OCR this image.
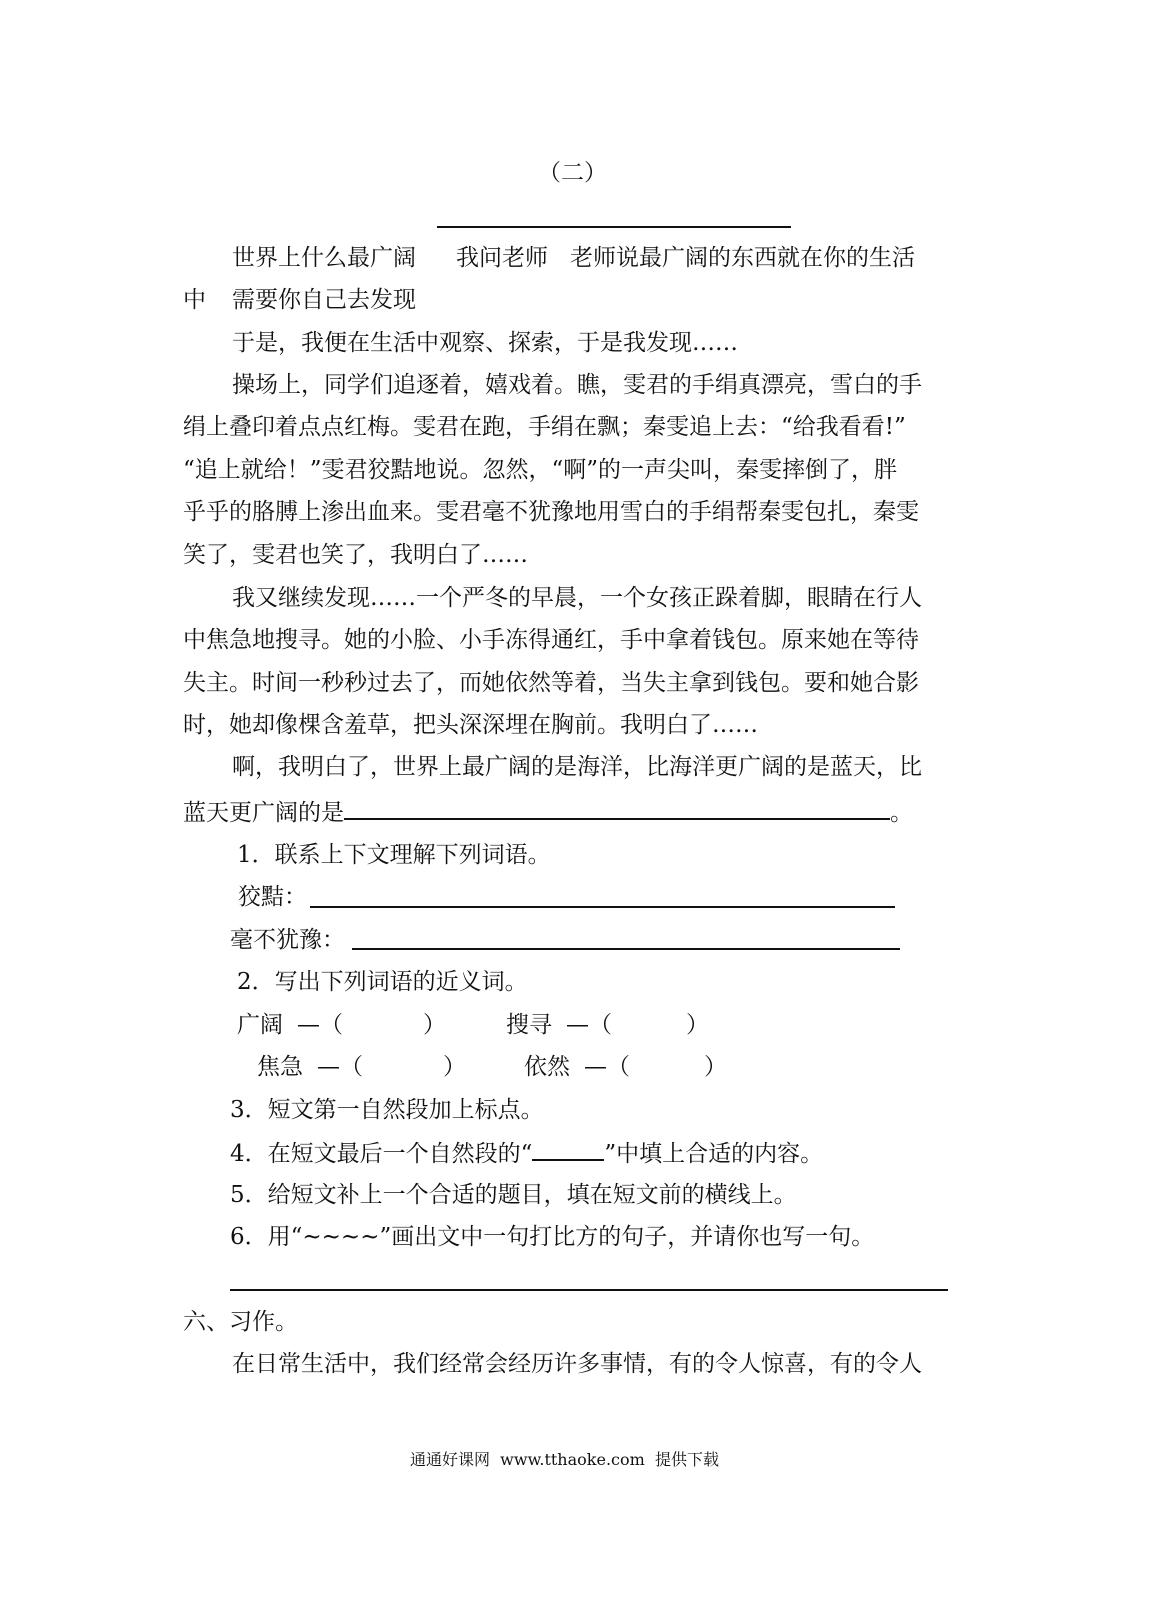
（二）
世界上什么最广阔 我问老师 老师说最广阔的东西就在你的生活
中 需要你自己去发现
于是，我便在生活中观察、探索，于是我发现……
操场上，同学们追逐着，嬉戏着。瞧，雯君的手绢真漂亮，雪白的手
绢上叠印着点点红梅。雯君在跑，手绢在飘；秦雯追上去：“给我看看!”
“追上就给！”雯君狡黠地说。忽然，“啊”的一声尖叫，秦雯摔倒了，胖
乎乎的胳膊上渗出血来。雯君毫不犹豫地用雪白的手绢帮秦雯包扎，秦雯
笑了，雯君也笑了，我明白了……
我又继续发现……一个严冬的早晨，一个女孩正跺着脚，眼睛在行人
中焦急地搜寻。她的小脸、小手冻得通红，手中拿着钱包。原来她在等待
失主。时间一秒秒过去了，而她依然等着，当失主拿到钱包。要和她合影
时，她却像棵含羞草，把头深深埋在胸前。我明白了……
啊，我明白了，世界上最广阔的是海洋，比海洋更广阔的是蓝天，比
蓝天更广阔的是	。
1．联系上下文理解下列词语。
狡黠：
毫不犹豫：
2．写出下列词语的近义词。
广阔 —（	）	搜寻 —（	）
焦急 —（	）	依然 —（	）
3．短文第一自然段加上标点。
4．在短文最后一个自然段的“	”中填上合适的内容。
5．给短文补上一个合适的题目，填在短文前的横线上。
6．用“~~~~”画出文中一句打比方的句子，并请你也写一句。
六、习作。
在日常生活中，我们经常会经历许多事情，有的令人惊喜，有的令人
通通好课网  www.tthaoke.com  提供下载
